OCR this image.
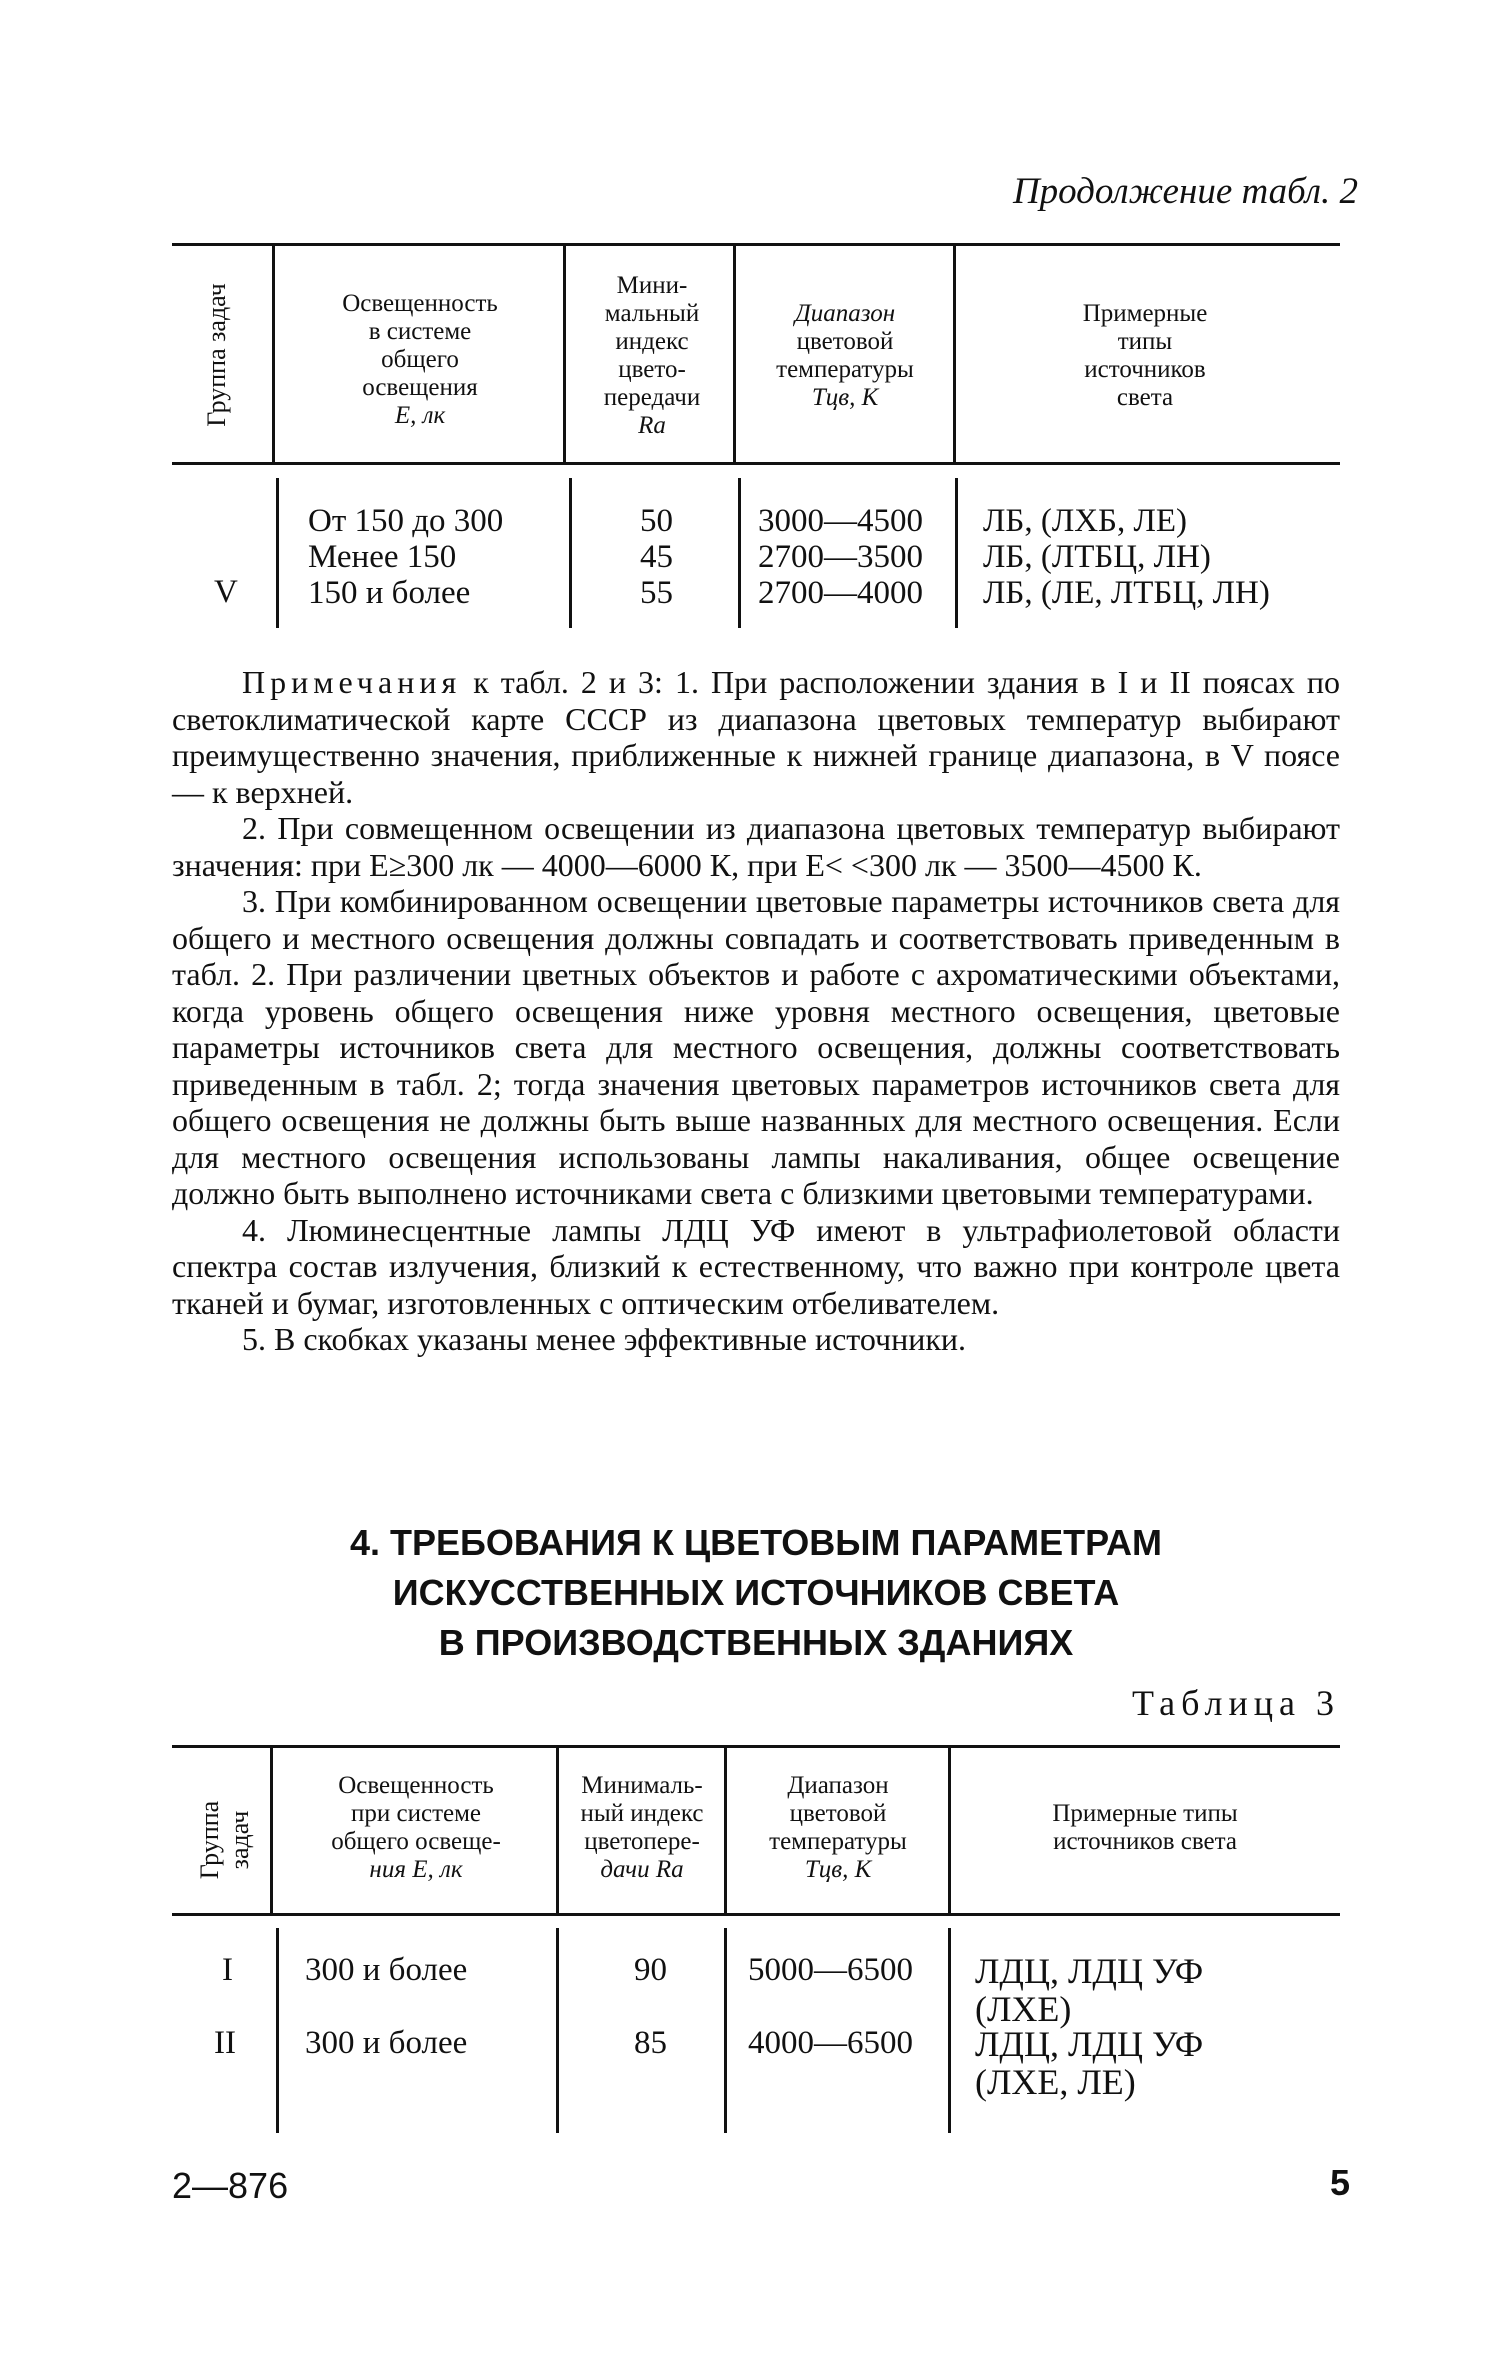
Продолжение табл. 2
Группа задач	Освещенность
в системе
общего
освещения
E, лк
Мини-
мальный
индекс
цвето-
передачи
Rа
Диапазон
цветовой
температуры
Tцв, К
Примерные
типы
источников
света
V
От 150 до 300
Менее 150
150 и более
50
45
55
3000—4500
2700—3500
2700—4000
ЛБ, (ЛХБ, ЛЕ)
ЛБ, (ЛТБЦ, ЛН)
ЛБ, (ЛЕ, ЛТБЦ, ЛН)

Примечания к табл. 2 и 3: 1. При расположении здания в I и II поясах по светоклиматической карте СССР из диапазона цветовых температур выбирают преимущественно значения, приближенные к нижней границе диапазона, в V поясе — к верхней.

2. При совмещенном освещении из диапазона цветовых температур выбирают значения: при E≥300 лк — 4000—6000 К, при E< <300 лк — 3500—4500 К.

3. При комбинированном освещении цветовые параметры источников света для общего и местного освещения должны совпадать и соответствовать приведенным в табл. 2. При различении цветных объектов и работе с ахроматическими объектами, когда уровень общего освещения ниже уровня местного освещения, цветовые параметры источников света для местного освещения, должны соответствовать приведенным в табл. 2; тогда значения цветовых параметров источников света для общего освещения не должны быть выше названных для местного освещения. Если для местного освещения использованы лампы накаливания, общее освещение должно быть выполнено источниками света с близкими цветовыми температурами.

4. Люминесцентные лампы ЛДЦ УФ имеют в ультрафиолетовой области спектра состав излучения, близкий к естественному, что важно при контроле цвета тканей и бумаг, изготовленных с оптическим отбеливателем.

5. В скобках указаны менее эффективные источники.

4. ТРЕБОВАНИЯ К ЦВЕТОВЫМ ПАРАМЕТРАМ
ИСКУССТВЕННЫХ ИСТОЧНИКОВ СВЕТА
В ПРОИЗВОДСТВЕННЫХ ЗДАНИЯХ
Таблица 3
Группа задач
Освещенность
при системе
общего освеще-
ния E, лк
Минималь-
ный индекс
цветопере-
дачи Rа
Диапазон
цветовой
температуры
Tцв, К
Примерные типы
источников света
I
II
300 и более
300 и более
90
85
5000—6500
4000—6500
ЛДЦ, ЛДЦ УФ
(ЛХЕ)
ЛДЦ, ЛДЦ УФ
(ЛХЕ, ЛЕ)
2—876	5
